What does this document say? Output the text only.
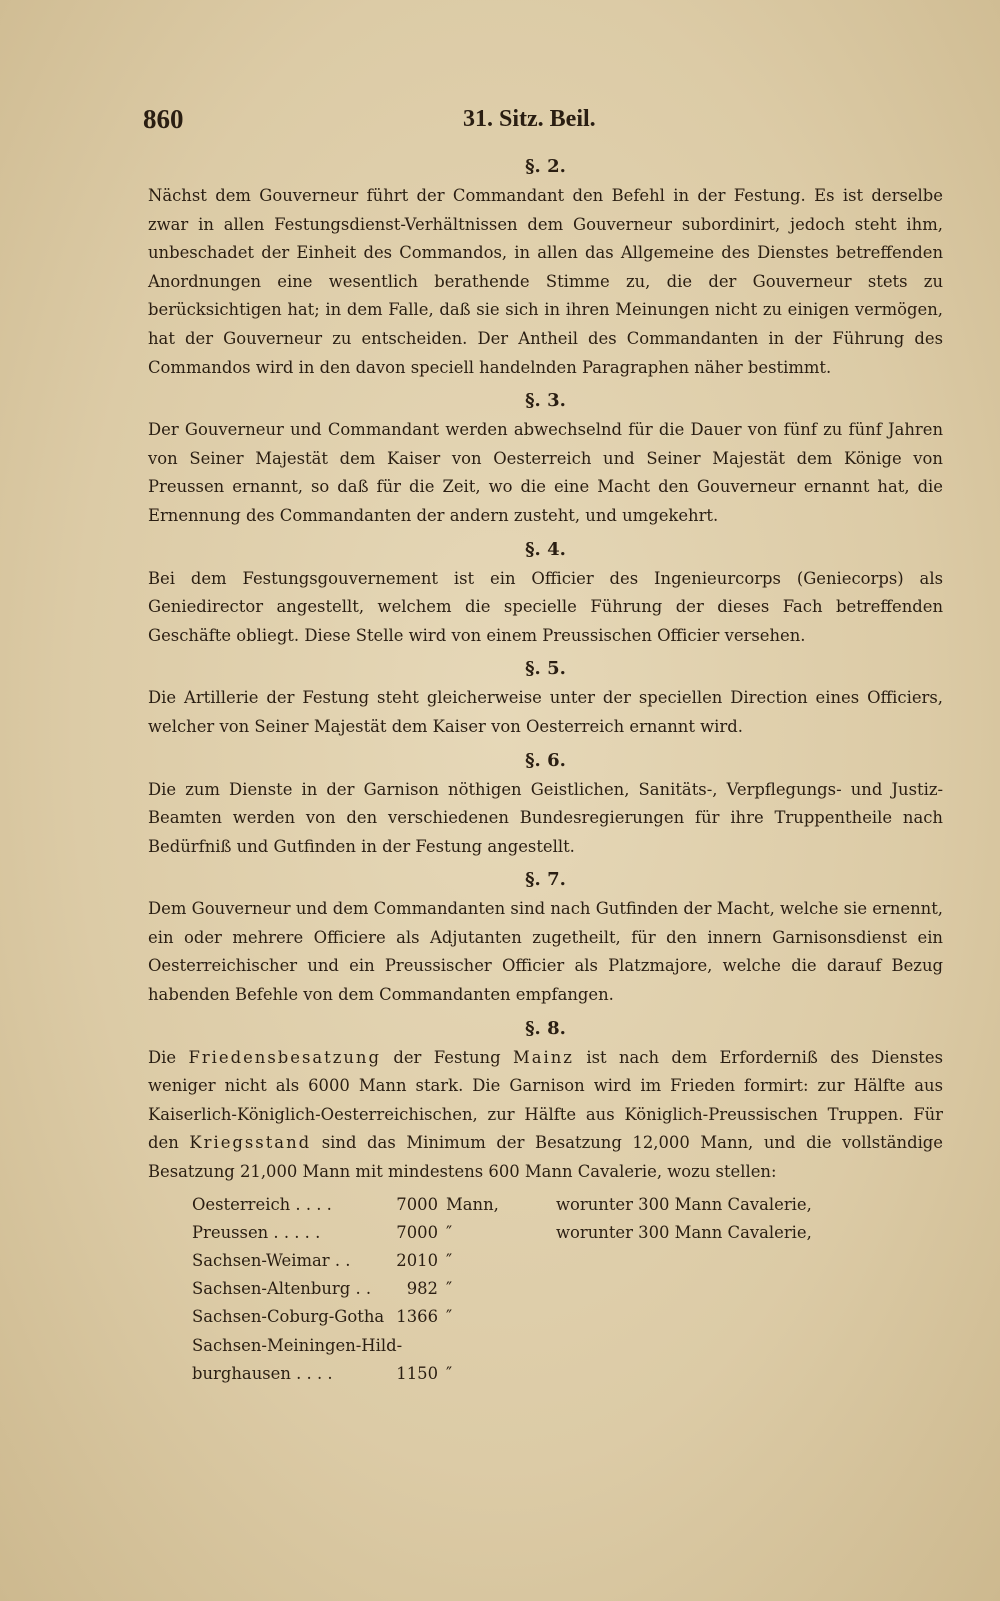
860	31. Sitz. Beil.
§. 2.

Nächst dem Gouverneur führt der Commandant den Befehl in der Festung. Es ist derselbe zwar in allen Festungsdienst-Verhältnissen dem Gouverneur subordinirt, jedoch steht ihm, unbeschadet der Einheit des Commandos, in allen das Allgemeine des Dienstes betreffenden Anordnungen eine wesentlich berathende Stimme zu, die der Gouverneur stets zu berücksichtigen hat; in dem Falle, daß sie sich in ihren Meinungen nicht zu einigen vermögen, hat der Gouverneur zu entscheiden. Der Antheil des Commandanten in der Führung des Commandos wird in den davon speciell handelnden Paragraphen näher bestimmt.

§. 3.

Der Gouverneur und Commandant werden abwechselnd für die Dauer von fünf zu fünf Jahren von Seiner Majestät dem Kaiser von Oesterreich und Seiner Majestät dem Könige von Preussen ernannt, so daß für die Zeit, wo die eine Macht den Gouverneur ernannt hat, die Ernennung des Commandanten der andern zusteht, und umgekehrt.

§. 4.

Bei dem Festungsgouvernement ist ein Officier des Ingenieurcorps (Geniecorps) als Geniedirector angestellt, welchem die specielle Führung der dieses Fach betreffenden Geschäfte obliegt. Diese Stelle wird von einem Preussischen Officier versehen.

§. 5.

Die Artillerie der Festung steht gleicherweise unter der speciellen Direction eines Officiers, welcher von Seiner Majestät dem Kaiser von Oesterreich ernannt wird.

§. 6.

Die zum Dienste in der Garnison nöthigen Geistlichen, Sanitäts-, Verpflegungs- und Justiz-Beamten werden von den verschiedenen Bundesregierungen für ihre Truppentheile nach Bedürfniß und Gutfinden in der Festung angestellt.

§. 7.

Dem Gouverneur und dem Commandanten sind nach Gutfinden der Macht, welche sie ernennt, ein oder mehrere Officiere als Adjutanten zugetheilt, für den innern Garnisonsdienst ein Oesterreichischer und ein Preussischer Officier als Platzmajore, welche die darauf Bezug habenden Befehle von dem Commandanten empfangen.

§. 8.

Die Friedensbesatzung der Festung Mainz ist nach dem Erforderniß des Dienstes weniger nicht als 6000 Mann stark. Die Garnison wird im Frieden formirt: zur Hälfte aus Kaiserlich-Königlich-Oesterreichischen, zur Hälfte aus Königlich-Preussischen Truppen. Für den Kriegsstand sind das Minimum der Besatzung 12,000 Mann, und die vollständige Besatzung 21,000 Mann mit mindestens 600 Mann Cavalerie, wozu stellen:

Oesterreich . . . .	7000 Mann,	worunter 300 Mann Cavalerie,
Preussen . . . . .	7000 ″	worunter 300 Mann Cavalerie,
Sachsen-Weimar . .	2010 ″
Sachsen-Altenburg . .	982 ″
Sachsen-Coburg-Gotha 1366 ″
Sachsen-Meiningen-Hild-
burghausen . . . .	1150 ″
